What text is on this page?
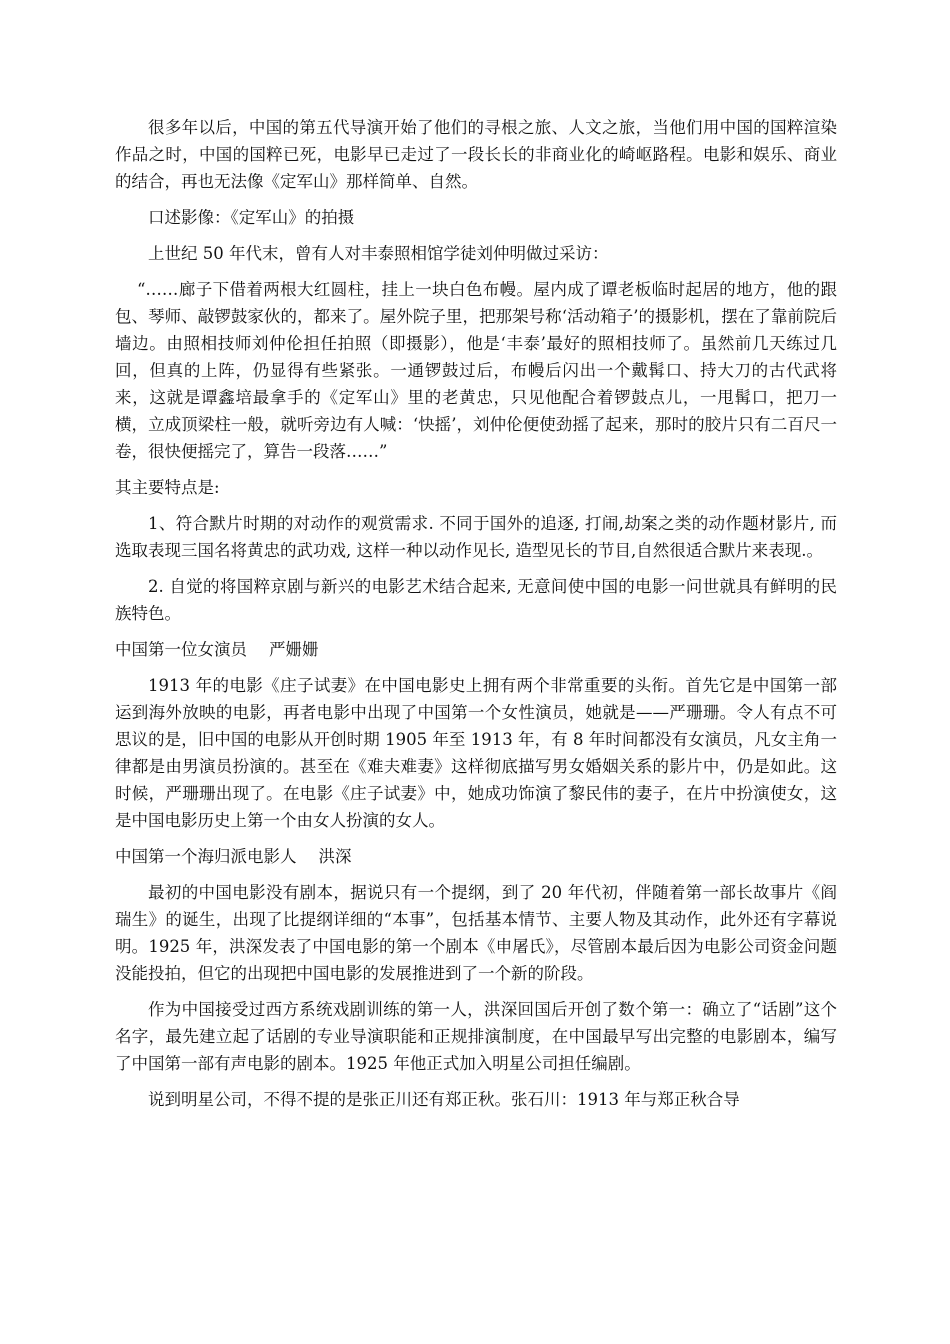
很多年以后，中国的第五代导演开始了他们的寻根之旅、人文之旅，当他们用中国的国粹渲染作品之时，中国的国粹已死，电影早已走过了一段长长的非商业化的崎岖路程。电影和娱乐、商业的结合，再也无法像《定军山》那样简单、自然。

口述影像：《定军山》的拍摄

上世纪 50 年代末，曾有人对丰泰照相馆学徒刘仲明做过采访：

“……廊子下借着两根大红圆柱，挂上一块白色布幔。屋内成了谭老板临时起居的地方，他的跟包、琴师、敲锣鼓家伙的，都来了。屋外院子里，把那架号称‘活动箱子’的摄影机，摆在了靠前院后墙边。由照相技师刘仲伦担任拍照（即摄影），他是‘丰泰’最好的照相技师了。虽然前几天练过几回，但真的上阵，仍显得有些紧张。一通锣鼓过后，布幔后闪出一个戴髯口、持大刀的古代武将来，这就是谭鑫培最拿手的《定军山》里的老黄忠，只见他配合着锣鼓点儿，一甩髯口，把刀一横，立成顶梁柱一般，就听旁边有人喊：‘快摇’，刘仲伦便使劲摇了起来，那时的胶片只有二百尺一卷，很快便摇完了，算告一段落……”

其主要特点是:

1、符合默片时期的对动作的观赏需求. 不同于国外的追逐, 打闹,劫案之类的动作题材影片, 而选取表现三国名将黄忠的武功戏, 这样一种以动作见长, 造型见长的节目,自然很适合默片来表现.。

2. 自觉的将国粹京剧与新兴的电影艺术结合起来, 无意间使中国的电影一问世就具有鲜明的民族特色。

中国第一位女演员 严姗姗

1913 年的电影《庄子试妻》在中国电影史上拥有两个非常重要的头衔。首先它是中国第一部运到海外放映的电影，再者电影中出现了中国第一个女性演员，她就是——严珊珊。令人有点不可思议的是，旧中国的电影从开创时期 1905 年至 1913 年，有 8 年时间都没有女演员，凡女主角一律都是由男演员扮演的。甚至在《难夫难妻》这样彻底描写男女婚姻关系的影片中，仍是如此。这时候，严珊珊出现了。在电影《庄子试妻》中，她成功饰演了黎民伟的妻子，在片中扮演使女，这是中国电影历史上第一个由女人扮演的女人。

中国第一个海归派电影人 洪深

最初的中国电影没有剧本，据说只有一个提纲，到了 20 年代初，伴随着第一部长故事片《阎瑞生》的诞生，出现了比提纲详细的“本事”，包括基本情节、主要人物及其动作，此外还有字幕说明。1925 年，洪深发表了中国电影的第一个剧本《申屠氏》，尽管剧本最后因为电影公司资金问题没能投拍，但它的出现把中国电影的发展推进到了一个新的阶段。

作为中国接受过西方系统戏剧训练的第一人，洪深回国后开创了数个第一：确立了“话剧”这个名字，最先建立起了话剧的专业导演职能和正规排演制度，在中国最早写出完整的电影剧本，编写了中国第一部有声电影的剧本。1925 年他正式加入明星公司担任编剧。

说到明星公司，不得不提的是张正川还有郑正秋。张石川：1913 年与郑正秋合导
